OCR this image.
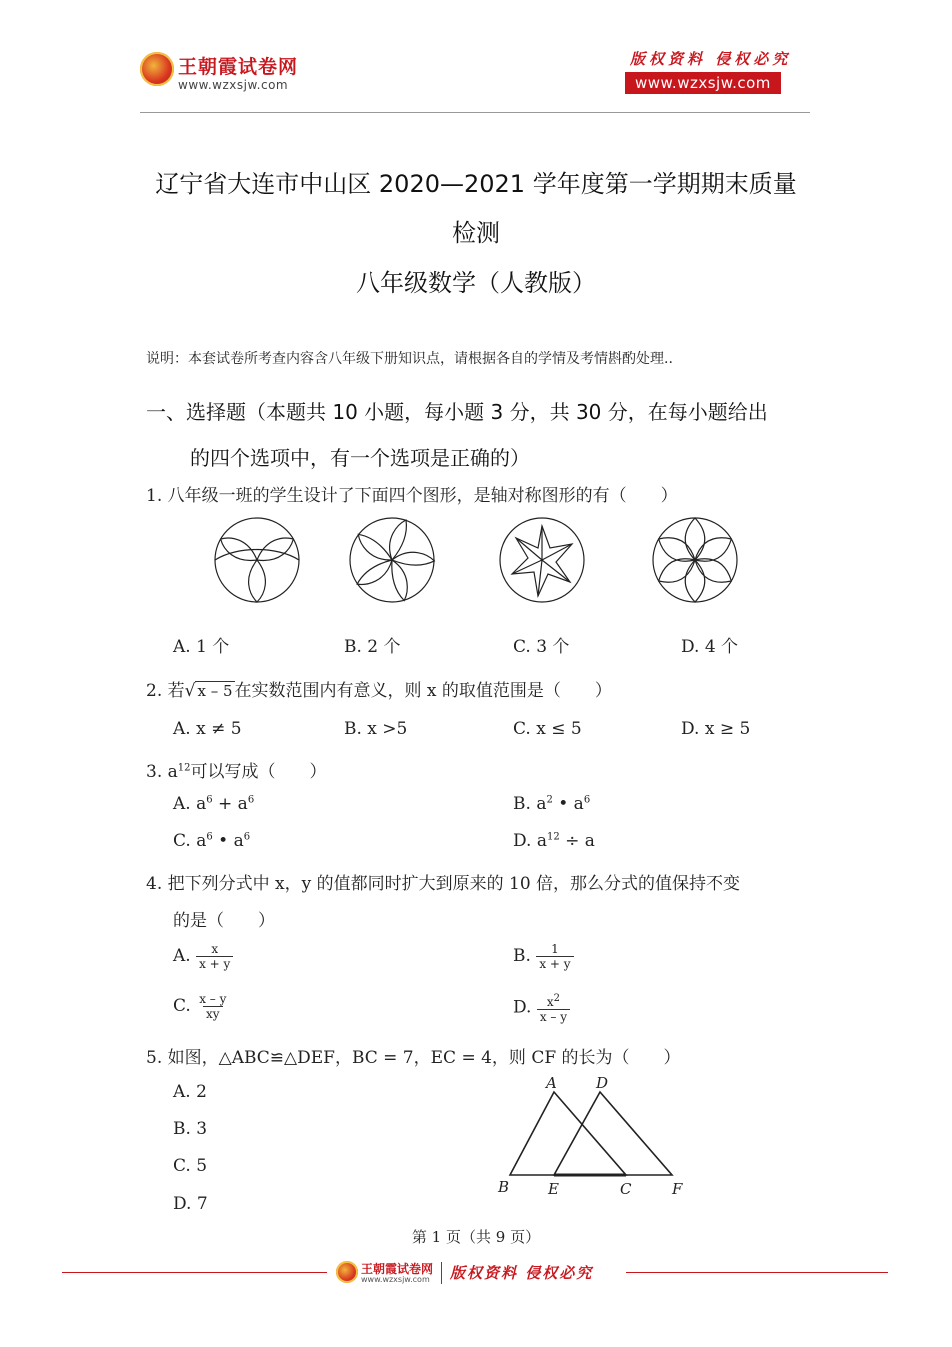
王朝霞试卷网
www.wzxsjw.com
版权资料 侵权必究
www.wzxsjw.com
辽宁省大连市中山区 2020—2021 学年度第一学期期末质量
检测
八年级数学（人教版）
说明：本套试卷所考查内容含八年级下册知识点，请根据各自的学情及考情斟酌处理..
一、选择题（本题共 10 小题，每小题 3 分，共 30 分，在每小题给出
的四个选项中，有一个选项是正确的）
1. 八年级一班的学生设计了下面四个图形，是轴对称图形的有（　　）
A. 1 个	B. 2 个	C. 3 个	D. 4 个
2. 若√ x – 5 在实数范围内有意义，则 x 的取值范围是（　　）
A. x ≠ 5	B. x >5	C. x ≤ 5	D. x ≥ 5
3. $a^{12}$可以写成（　　）
A. $a^6 + a^6$	B. $a^2$ • $a^6$
C. $a^6$ • $a^6$	D. $a^{12} \div a$
4. 把下列分式中 x，y 的值都同时扩大到原来的 10 倍，那么分式的值保持不变
的是（　　）
A. $\frac{x}{x + y}$	B. $\frac{1}{x + y}$
C. $\frac{x - y}{xy}$	D. $\frac{x^2}{x - y}$
5. 如图，△ABC≌△DEF，BC = 7，EC = 4，则 CF 的长为（　　）
A. 2
B. 3
C. 5
D. 7
A	D
B	E	C	F
第 1 页（共 9 页）
王朝霞试卷网
www.wzxsjw.com 版权资料 侵权必究
